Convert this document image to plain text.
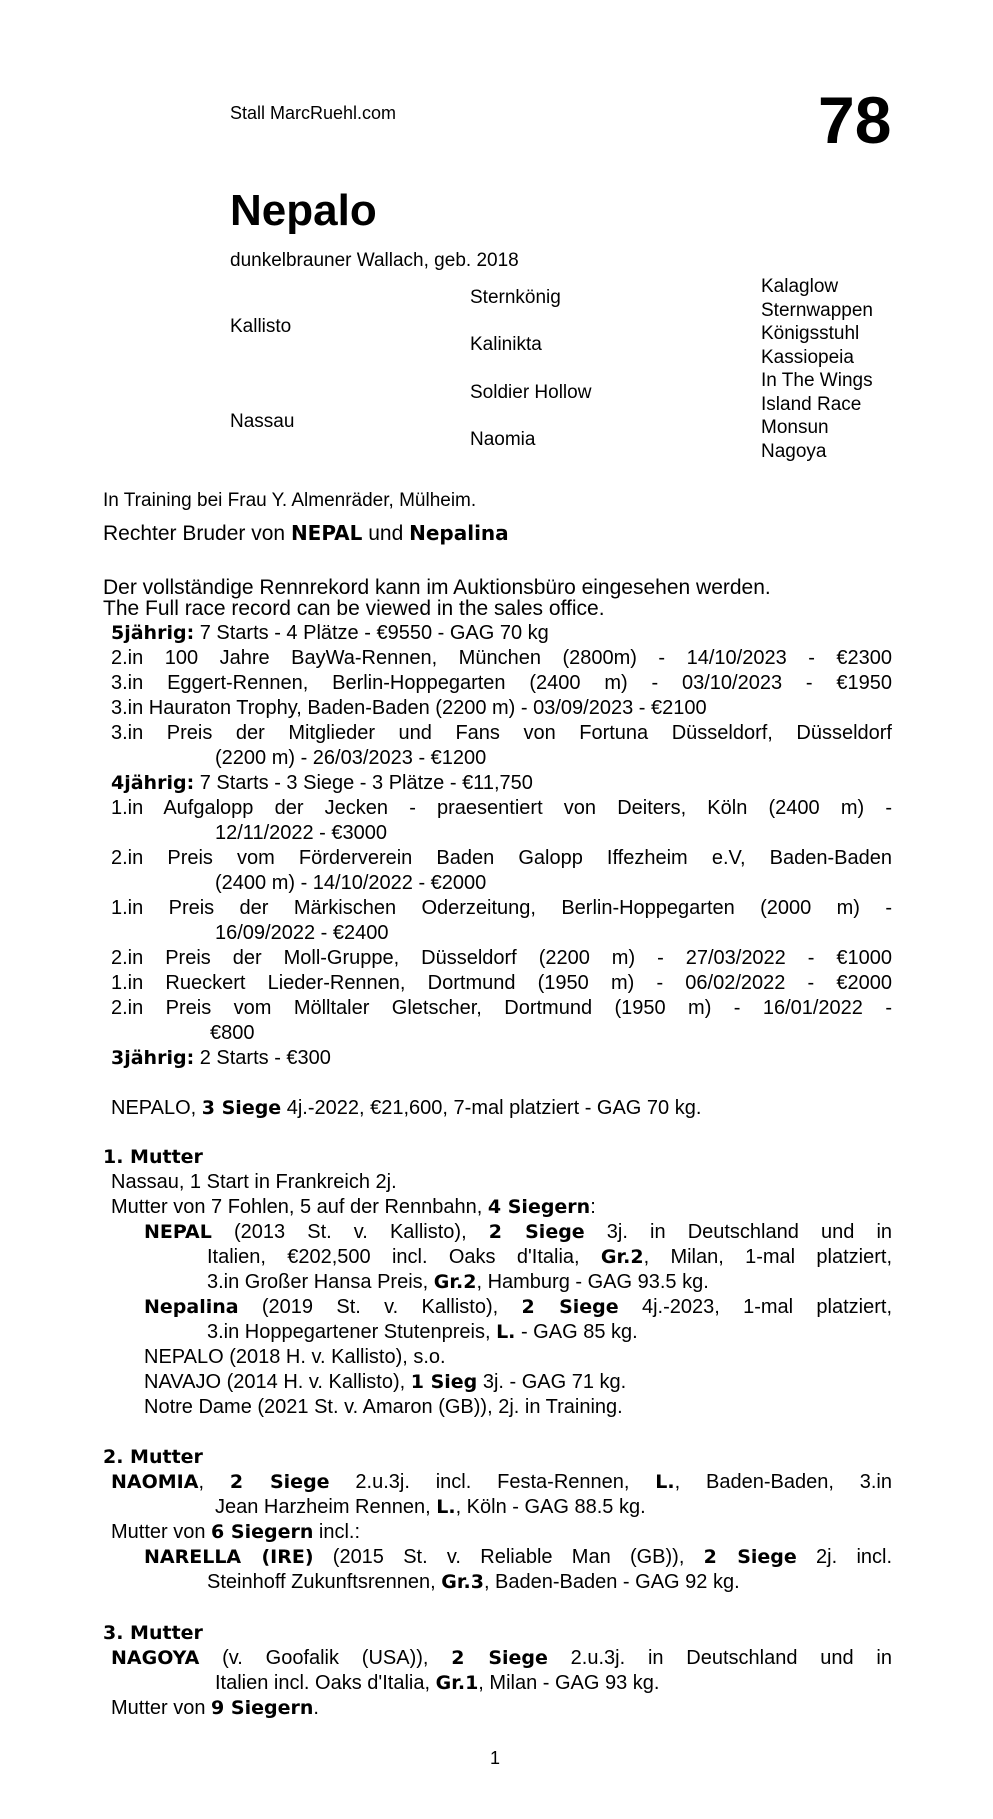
Stall MarcRuehl.com	78
Nepalo
dunkelbrauner Wallach, geb. 2018
Kallisto
Nassau
Sternkönig
Kalinikta
Soldier Hollow
Naomia
Kalaglow
Sternwappen
Königsstuhl
Kassiopeia
In The Wings
Island Race
Monsun
Nagoya
In Training bei Frau Y. Almenräder, Mülheim.
Rechter Bruder von NEPAL und Nepalina
Der vollständige Rennrekord kann im Auktionsbüro eingesehen werden.
The Full race record can be viewed in the sales office.
5jährig: 7 Starts - 4 Plätze - €9550 - GAG 70 kg
2.in 100 Jahre BayWa-Rennen, München (2800m) - 14/10/2023 - €2300
3.in Eggert-Rennen, Berlin-Hoppegarten (2400 m) - 03/10/2023 - €1950
3.in Hauraton Trophy, Baden-Baden (2200 m) - 03/09/2023 - €2100
3.in Preis der Mitglieder und Fans von Fortuna Düsseldorf, Düsseldorf
(2200 m) - 26/03/2023 - €1200
4jährig: 7 Starts - 3 Siege - 3 Plätze - €11,750
1.in Aufgalopp der Jecken - praesentiert von Deiters, Köln (2400 m) -
12/11/2022 - €3000
2.in Preis vom Förderverein Baden Galopp Iffezheim e.V, Baden-Baden
(2400 m) - 14/10/2022 - €2000
1.in Preis der Märkischen Oderzeitung, Berlin-Hoppegarten (2000 m) -
16/09/2022 - €2400
2.in Preis der Moll-Gruppe, Düsseldorf (2200 m) - 27/03/2022 - €1000
1.in Rueckert Lieder-Rennen, Dortmund (1950 m) - 06/02/2022 - €2000
2.in Preis vom Mölltaler Gletscher, Dortmund (1950 m) - 16/01/2022 -
€800
3jährig: 2 Starts - €300
NEPALO, 3 Siege 4j.-2022, €21,600, 7-mal platziert - GAG 70 kg.
1. Mutter
Nassau, 1 Start in Frankreich 2j.
Mutter von 7 Fohlen, 5 auf der Rennbahn, 4 Siegern:
NEPAL (2013 St. v. Kallisto), 2 Siege 3j. in Deutschland und in
Italien, €202,500 incl. Oaks d'Italia, Gr.2, Milan, 1-mal platziert,
3.in Großer Hansa Preis, Gr.2, Hamburg - GAG 93.5 kg.
Nepalina (2019 St. v. Kallisto), 2 Siege 4j.-2023, 1-mal platziert,
3.in Hoppegartener Stutenpreis, L. - GAG 85 kg.
NEPALO (2018 H. v. Kallisto), s.o.
NAVAJO (2014 H. v. Kallisto), 1 Sieg 3j. - GAG 71 kg.
Notre Dame (2021 St. v. Amaron (GB)), 2j. in Training.
2. Mutter
NAOMIA, 2 Siege 2.u.3j. incl. Festa-Rennen, L., Baden-Baden, 3.in
Jean Harzheim Rennen, L., Köln - GAG 88.5 kg.
Mutter von 6 Siegern incl.:
NARELLA (IRE) (2015 St. v. Reliable Man (GB)), 2 Siege 2j. incl.
Steinhoff Zukunftsrennen, Gr.3, Baden-Baden - GAG 92 kg.
3. Mutter
NAGOYA (v. Goofalik (USA)), 2 Siege 2.u.3j. in Deutschland und in
Italien incl. Oaks d'Italia, Gr.1, Milan - GAG 93 kg.
Mutter von 9 Siegern.
1
